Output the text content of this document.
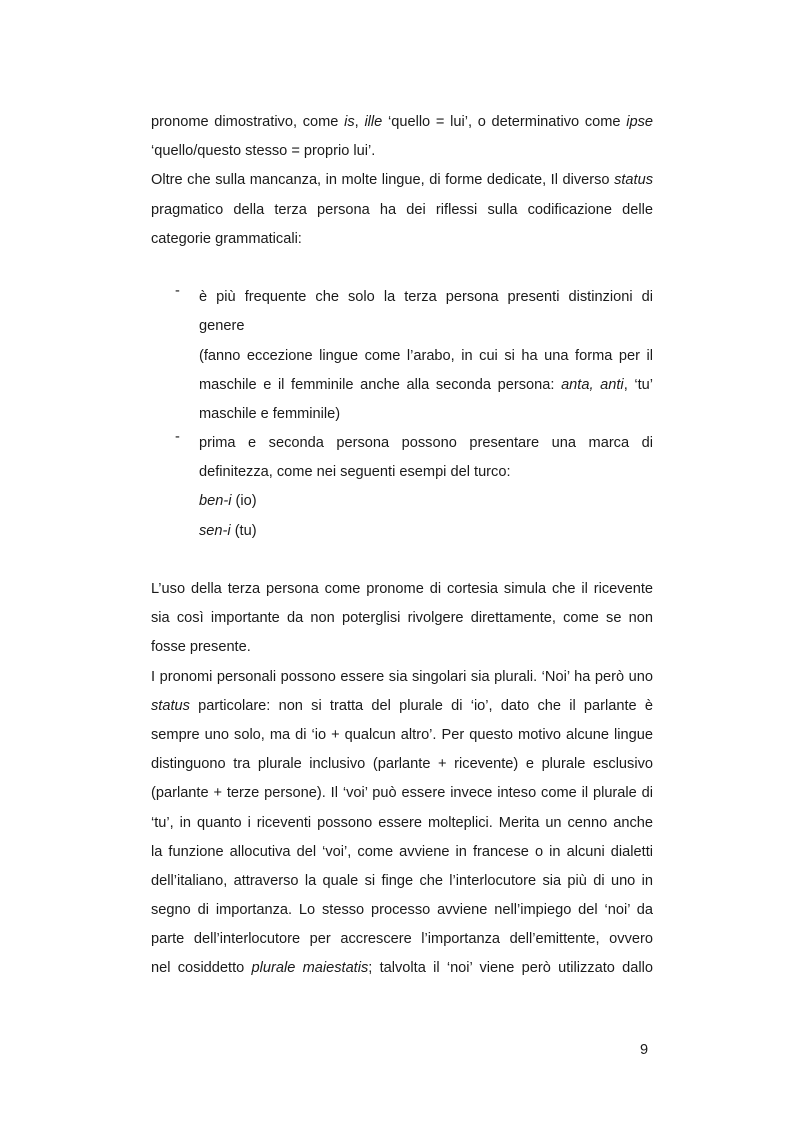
pronome dimostrativo, come is, ille ‘quello = lui’, o determinativo come ipse
‘quello/questo stesso = proprio lui’.
Oltre che sulla mancanza, in molte lingue, di forme dedicate, Il diverso status
pragmatico della terza persona ha dei riflessi sulla codificazione delle
categorie grammaticali:
- è più frequente che solo la terza persona presenti distinzioni di
genere
(fanno eccezione lingue come l’arabo, in cui si ha una forma per il
maschile e il femminile anche alla seconda persona: anta, anti, ‘tu’
maschile e femminile)
- prima e seconda persona possono presentare una marca di
definitezza, come nei seguenti esempi del turco:
ben-i (io)
sen-i (tu)
L’uso della terza persona come pronome di cortesia simula che il ricevente
sia così importante da non poterglisi rivolgere direttamente, come se non
fosse presente.
I pronomi personali possono essere sia singolari sia plurali. ‘Noi’ ha però uno
status particolare: non si tratta del plurale di ‘io’, dato che il parlante è
sempre uno solo, ma di ‘io + qualcun altro’. Per questo motivo alcune lingue
distinguono tra plurale inclusivo (parlante + ricevente) e plurale esclusivo
(parlante + terze persone). Il ‘voi’ può essere invece inteso come il plurale di
‘tu’, in quanto i riceventi possono essere molteplici. Merita un cenno anche
la funzione allocutiva del ‘voi’, come avviene in francese o in alcuni dialetti
dell’italiano, attraverso la quale si finge che l’interlocutore sia più di uno in
segno di importanza. Lo stesso processo avviene nell’impiego del ‘noi’ da
parte dell’interlocutore per accrescere l’importanza dell’emittente, ovvero
nel cosiddetto plurale maiestatis; talvolta il ‘noi’ viene però utilizzato dallo
9
